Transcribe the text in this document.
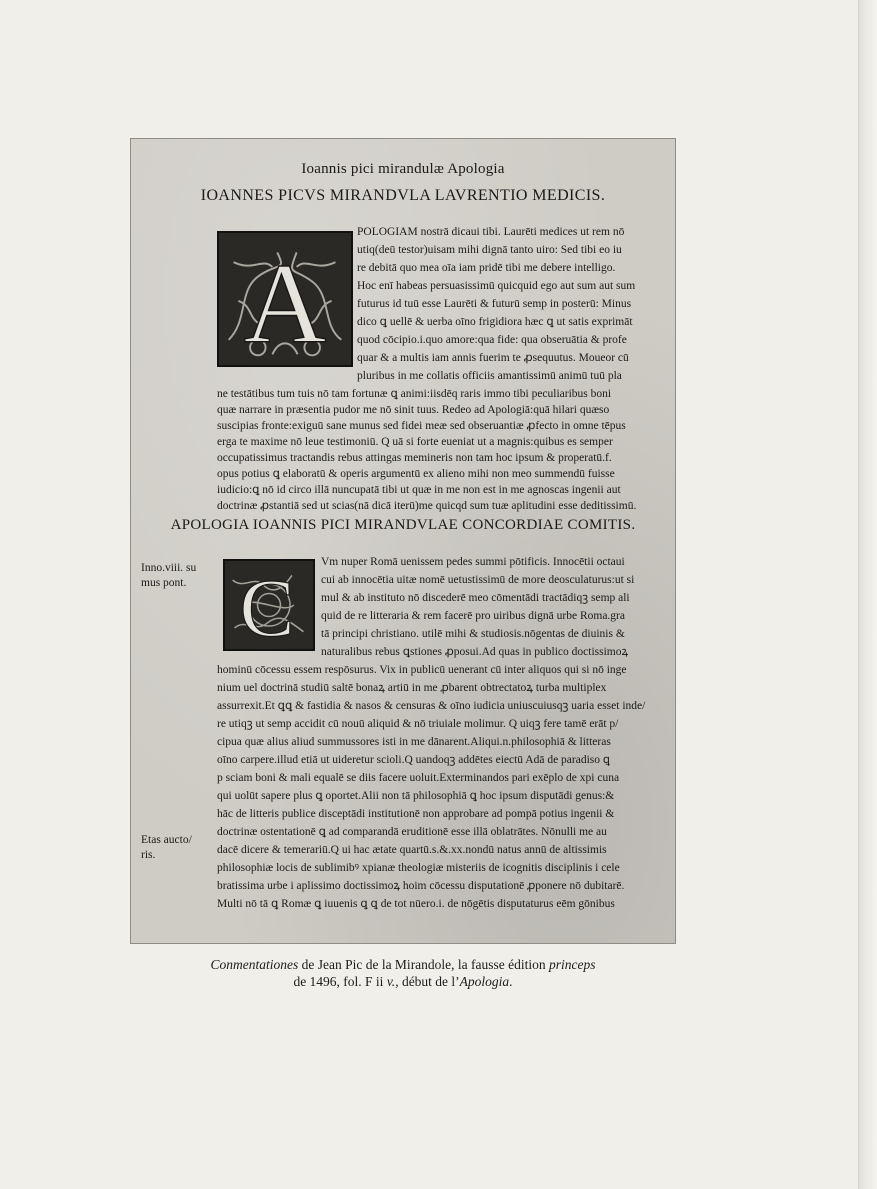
Ioannis pici mirandulæ Apologia
IOANNES PICVS MIRANDVLA LAVRENTIO MEDICIS.
A
POLOGIAM nostrā dicaui tibi. Laurēti medices ut rem nō
utiq(deū testor)uisam mihi dignā tanto uiro: Sed tibi eo iu
re debitā quo mea oīa iam pridē tibi me debere intelligo.
Hoc enī habeas persuasissimū quicquid ego aut sum aut sum
futurus id tuū esse Laurēti & futurū semp in posterū: Minus
dico ꝗ uellē & uerba oīno frigidiora hæc ꝗ ut satis exprimāt
quod cōcipio.i.quo amore:qua fide: qua obseruātia & profe
quar & a multis iam annis fuerim te ꝓsequutus. Moueor cū
pluribus in me collatis officiis amantissimū animū tuū pla
ne testātibus tum tuis nō tam fortunæ ꝗ animi:iisdēq raris immo tibi peculiaribus boni
quæ narrare in præsentia pudor me nō sinit tuus. Redeo ad Apologiā:quā hilari quæso
suscipias fronte:exiguū sane munus sed fidei meæ sed obseruantiæ ꝓfecto in omne tēpus
erga te maxime nō leue testimoniū. Q uā si forte eueniat ut a magnis:quibus es semper
occupatissimus tractandis rebus attingas memineris non tam hoc ipsum & properatū.f.
opus potius ꝗ elaboratū & operis argumentū ex alieno mihi non meo summendū fuisse
iudicio:ꝗ nō id circo illā nuncupatā tibi ut quæ in me non est in me agnoscas ingenii aut
doctrinæ ꝓstantiā sed ut scias(nā dicā iterū)me quicqd sum tuæ aplitudini esse deditissimū.
APOLOGIA IOANNIS PICI MIRANDVLAE CONCORDIAE COMITIS.
Inno.viii. su
mus pont.
Etas aucto/
ris.
C
Vm nuper Romā uenissem pedes summi pōtificis. Innocētii octaui
cui ab innocētia uitæ nomē uetustissimū de more deosculaturus:ut si
mul & ab instituto nō discederē meo cōmentādi tractādiqꝫ semp ali
quid de re litteraria & rem facerē pro uiribus dignā urbe Roma.gra
tā principi christiano. utilē mihi & studiosis.nōgentas de diuinis &
naturalibus rebus ꝗstiones ꝓposui.Ad quas in publico doctissimoꝝ
hominū cōcessu essem respōsurus. Vix in publicū uenerant cū inter aliquos qui si nō inge
nium uel doctrinā studiū saltē bonaꝝ artiū in me ꝓbarent obtrectatoꝝ turba multiplex
assurrexit.Et ꝗꝗ & fastidia & nasos & censuras & oīno iudicia uniuscuiusqꝫ uaria esset inde/
re utiqꝫ ut semp accidit cū nouū aliquid & nō triuiale molimur. Q uiqꝫ fere tamē erāt p/
cipua quæ alius aliud summussores isti in me dānarent.Aliqui.n.philosophiā & litteras
oīno carpere.illud etiā ut uideretur scioli.Q uandoqꝫ addētes eiectū Adā de paradiso ꝗ
p sciam boni & mali equalē se diis facere uoluit.Exterminandos pari exēplo de xpi cuna
qui uolūt sapere plus ꝗ oportet.Alii non tā philosophiā ꝗ hoc ipsum disputādi genus:&
hāc de litteris publice disceptādi institutionē non approbare ad pompā potius ingenii &
doctrinæ ostentationē ꝗ ad comparandā eruditionē esse illā oblatrātes. Nōnulli me au
dacē dicere & temerariū.Q ui hac ætate quartū.s.&.xx.nondū natus annū de altissimis
philosophiæ locis de sublimibꝰ xpianæ theologiæ misteriis de icognitis disciplinis i cele
bratissima urbe i aplissimo doctissimoꝝ hoim cōcessu disputationē ꝓponere nō dubitarē.
Multi nō tā ꝗ Romæ ꝗ iuuenis ꝗ ꝗ de tot nūero.i. de nōgētis disputaturus eēm gōnibus
Conmentationes de Jean Pic de la Mirandole, la fausse édition princeps
de 1496, fol. F ii v., début de l’Apologia.
